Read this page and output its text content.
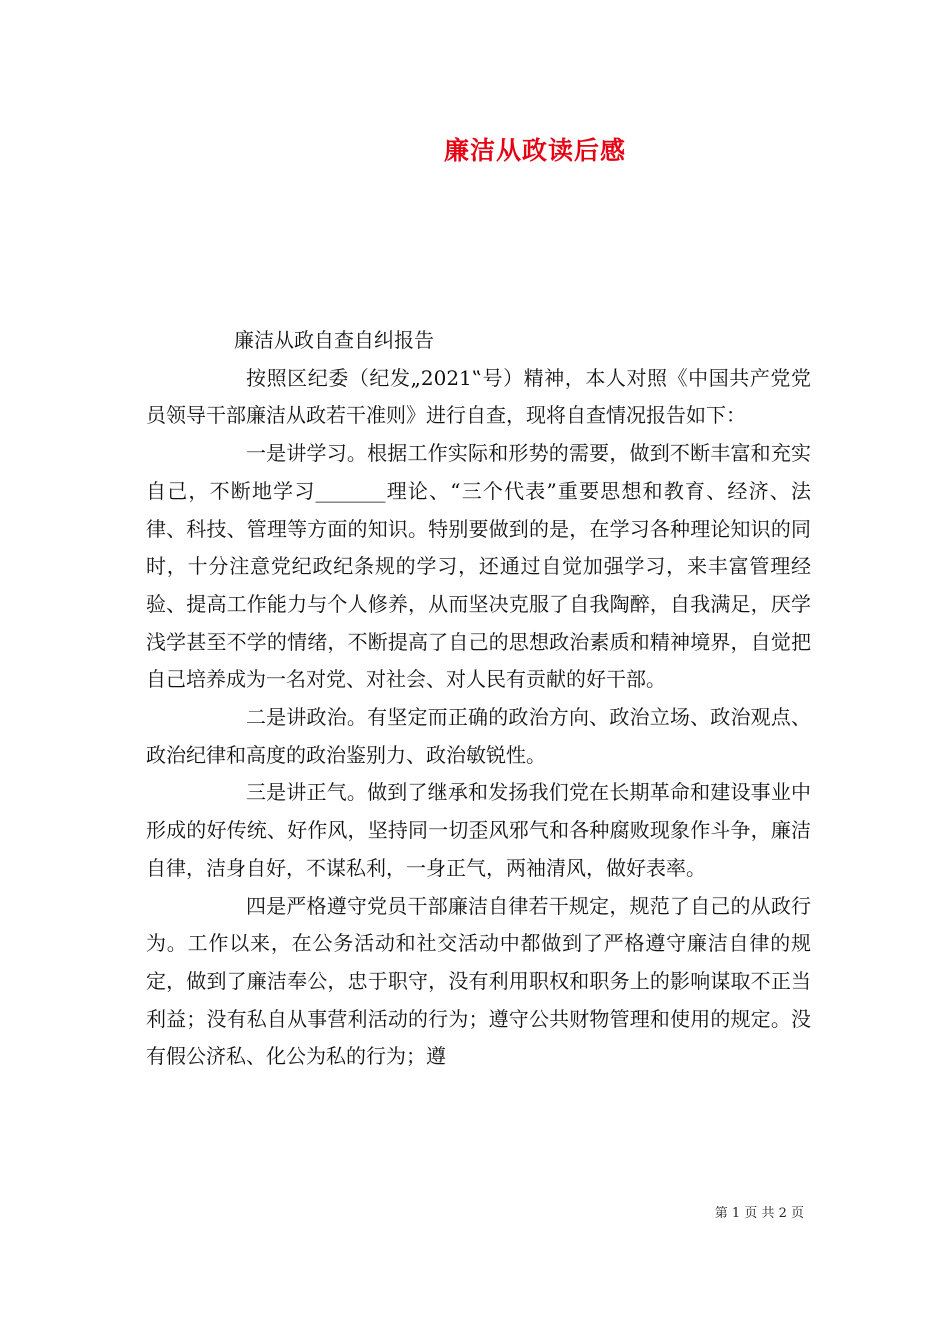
廉洁从政读后感

廉洁从政自查自纠报告

按照区纪委（纪发„2021‟号）精神，本人对照《中国共产党党员领导干部廉洁从政若干准则》进行自查，现将自查情况报告如下：

一是讲学习。根据工作实际和形势的需要，做到不断丰富和充实自己，不断地学习_______理论、“三个代表”重要思想和教育、经济、法律、科技、管理等方面的知识。特别要做到的是，在学习各种理论知识的同时，十分注意党纪政纪条规的学习，还通过自觉加强学习，来丰富管理经验、提高工作能力与个人修养，从而坚决克服了自我陶醉，自我满足，厌学浅学甚至不学的情绪，不断提高了自己的思想政治素质和精神境界，自觉把自己培养成为一名对党、对社会、对人民有贡献的好干部。

二是讲政治。有坚定而正确的政治方向、政治立场、政治观点、政治纪律和高度的政治鉴别力、政治敏锐性。

三是讲正气。做到了继承和发扬我们党在长期革命和建设事业中形成的好传统、好作风，坚持同一切歪风邪气和各种腐败现象作斗争，廉洁自律，洁身自好，不谋私利，一身正气，两袖清风，做好表率。

四是严格遵守党员干部廉洁自律若干规定，规范了自己的从政行为。工作以来，在公务活动和社交活动中都做到了严格遵守廉洁自律的规定，做到了廉洁奉公，忠于职守，没有利用职权和职务上的影响谋取不正当利益；没有私自从事营利活动的行为；遵守公共财物管理和使用的规定。没有假公济私、化公为私的行为；遵

第 1 页 共 2 页
